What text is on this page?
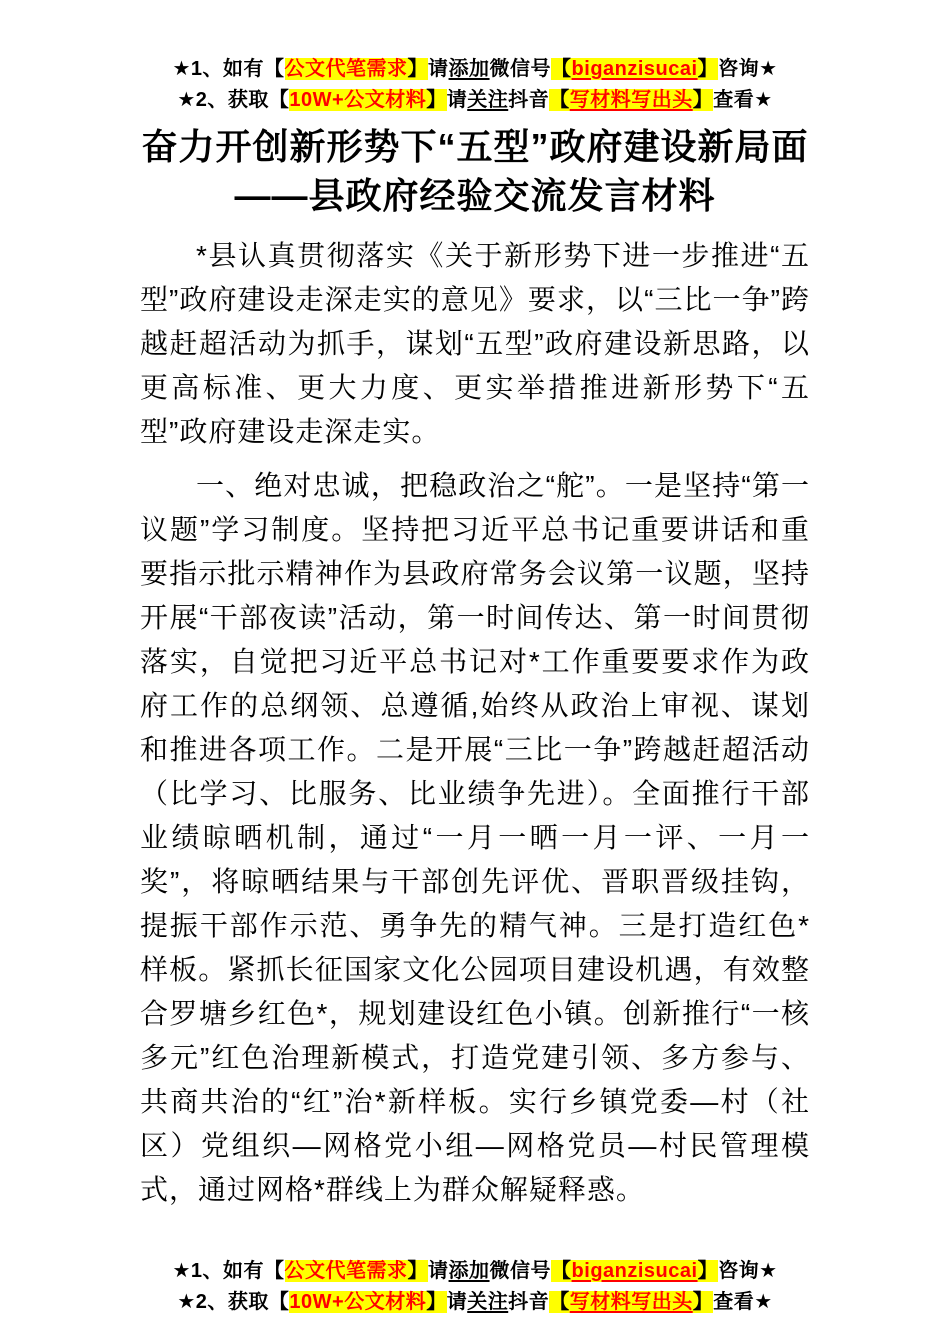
★1、如有【公文代笔需求】请添加微信号【biganzisucai】咨询★
★2、获取【10W+公文材料】请关注抖音【写材料写出头】查看★
奋力开创新形势下“五型”政府建设新局面
——县政府经验交流发言材料

*县认真贯彻落实《关于新形势下进一步推进“五型”政府建设走深走实的意见》要求，以“三比一争”跨越赶超活动为抓手，谋划“五型”政府建设新思路，以更高标准、更大力度、更实举措推进新形势下“五型”政府建设走深走实。

一、绝对忠诚，把稳政治之“舵”。一是坚持“第一议题”学习制度。坚持把习近平总书记重要讲话和重要指示批示精神作为县政府常务会议第一议题，坚持开展“干部夜读”活动，第一时间传达、第一时间贯彻落实，自觉把习近平总书记对*工作重要要求作为政府工作的总纲领、总遵循,始终从政治上审视、谋划和推进各项工作。二是开展“三比一争”跨越赶超活动（比学习、比服务、比业绩争先进）。全面推行干部业绩晾晒机制，通过“一月一晒一月一评、一月一奖”，将晾晒结果与干部创先评优、晋职晋级挂钩，提振干部作示范、勇争先的精气神。三是打造红色*样板。紧抓长征国家文化公园项目建设机遇，有效整合罗塘乡红色*，规划建设红色小镇。创新推行“一核多元”红色治理新模式，打造党建引领、多方参与、共商共治的“红”治*新样板。实行乡镇党委—村（社区）党组织—网格党小组—网格党员—村民管理模式，通过网格*群线上为群众解疑释惑。

★1、如有【公文代笔需求】请添加微信号【biganzisucai】咨询★
★2、获取【10W+公文材料】请关注抖音【写材料写出头】查看★
